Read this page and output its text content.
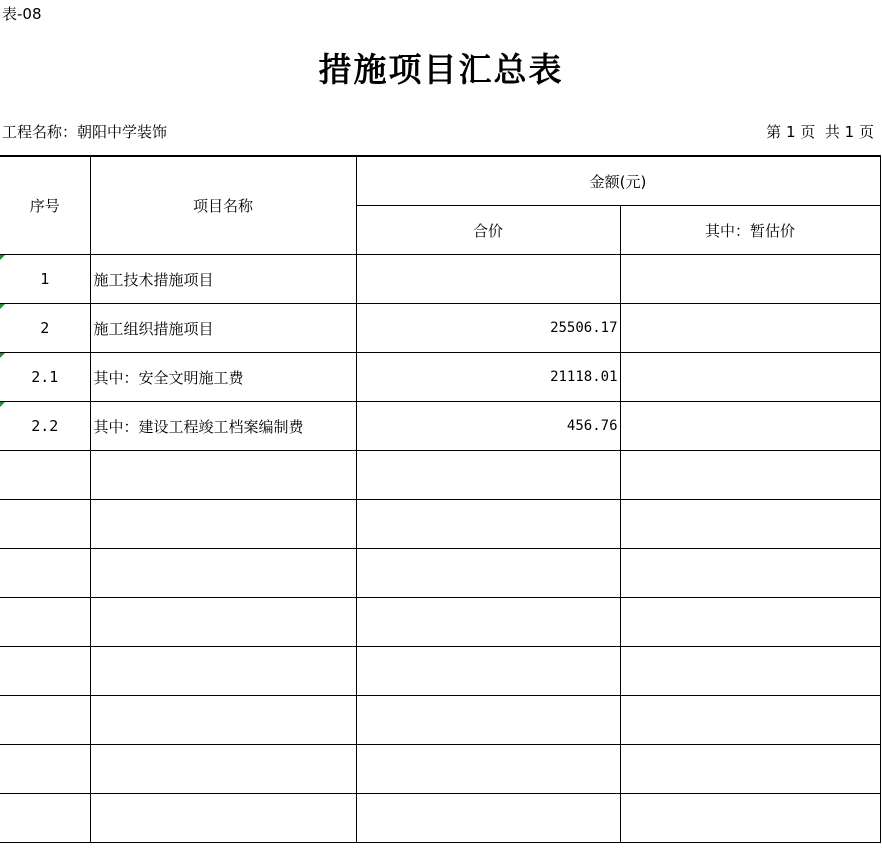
表-08
措施项目汇总表
工程名称：朝阳中学装饰	第 1 页 共 1 页
序号	项目名称	金额(元)	
		合价	其中：暂估价

1	施工技术措施项目		

2	施工组织措施项目	25506.17	

2.1	其中：安全文明施工费	21118.01	

2.2	其中：建设工程竣工档案编制费	456.76	
